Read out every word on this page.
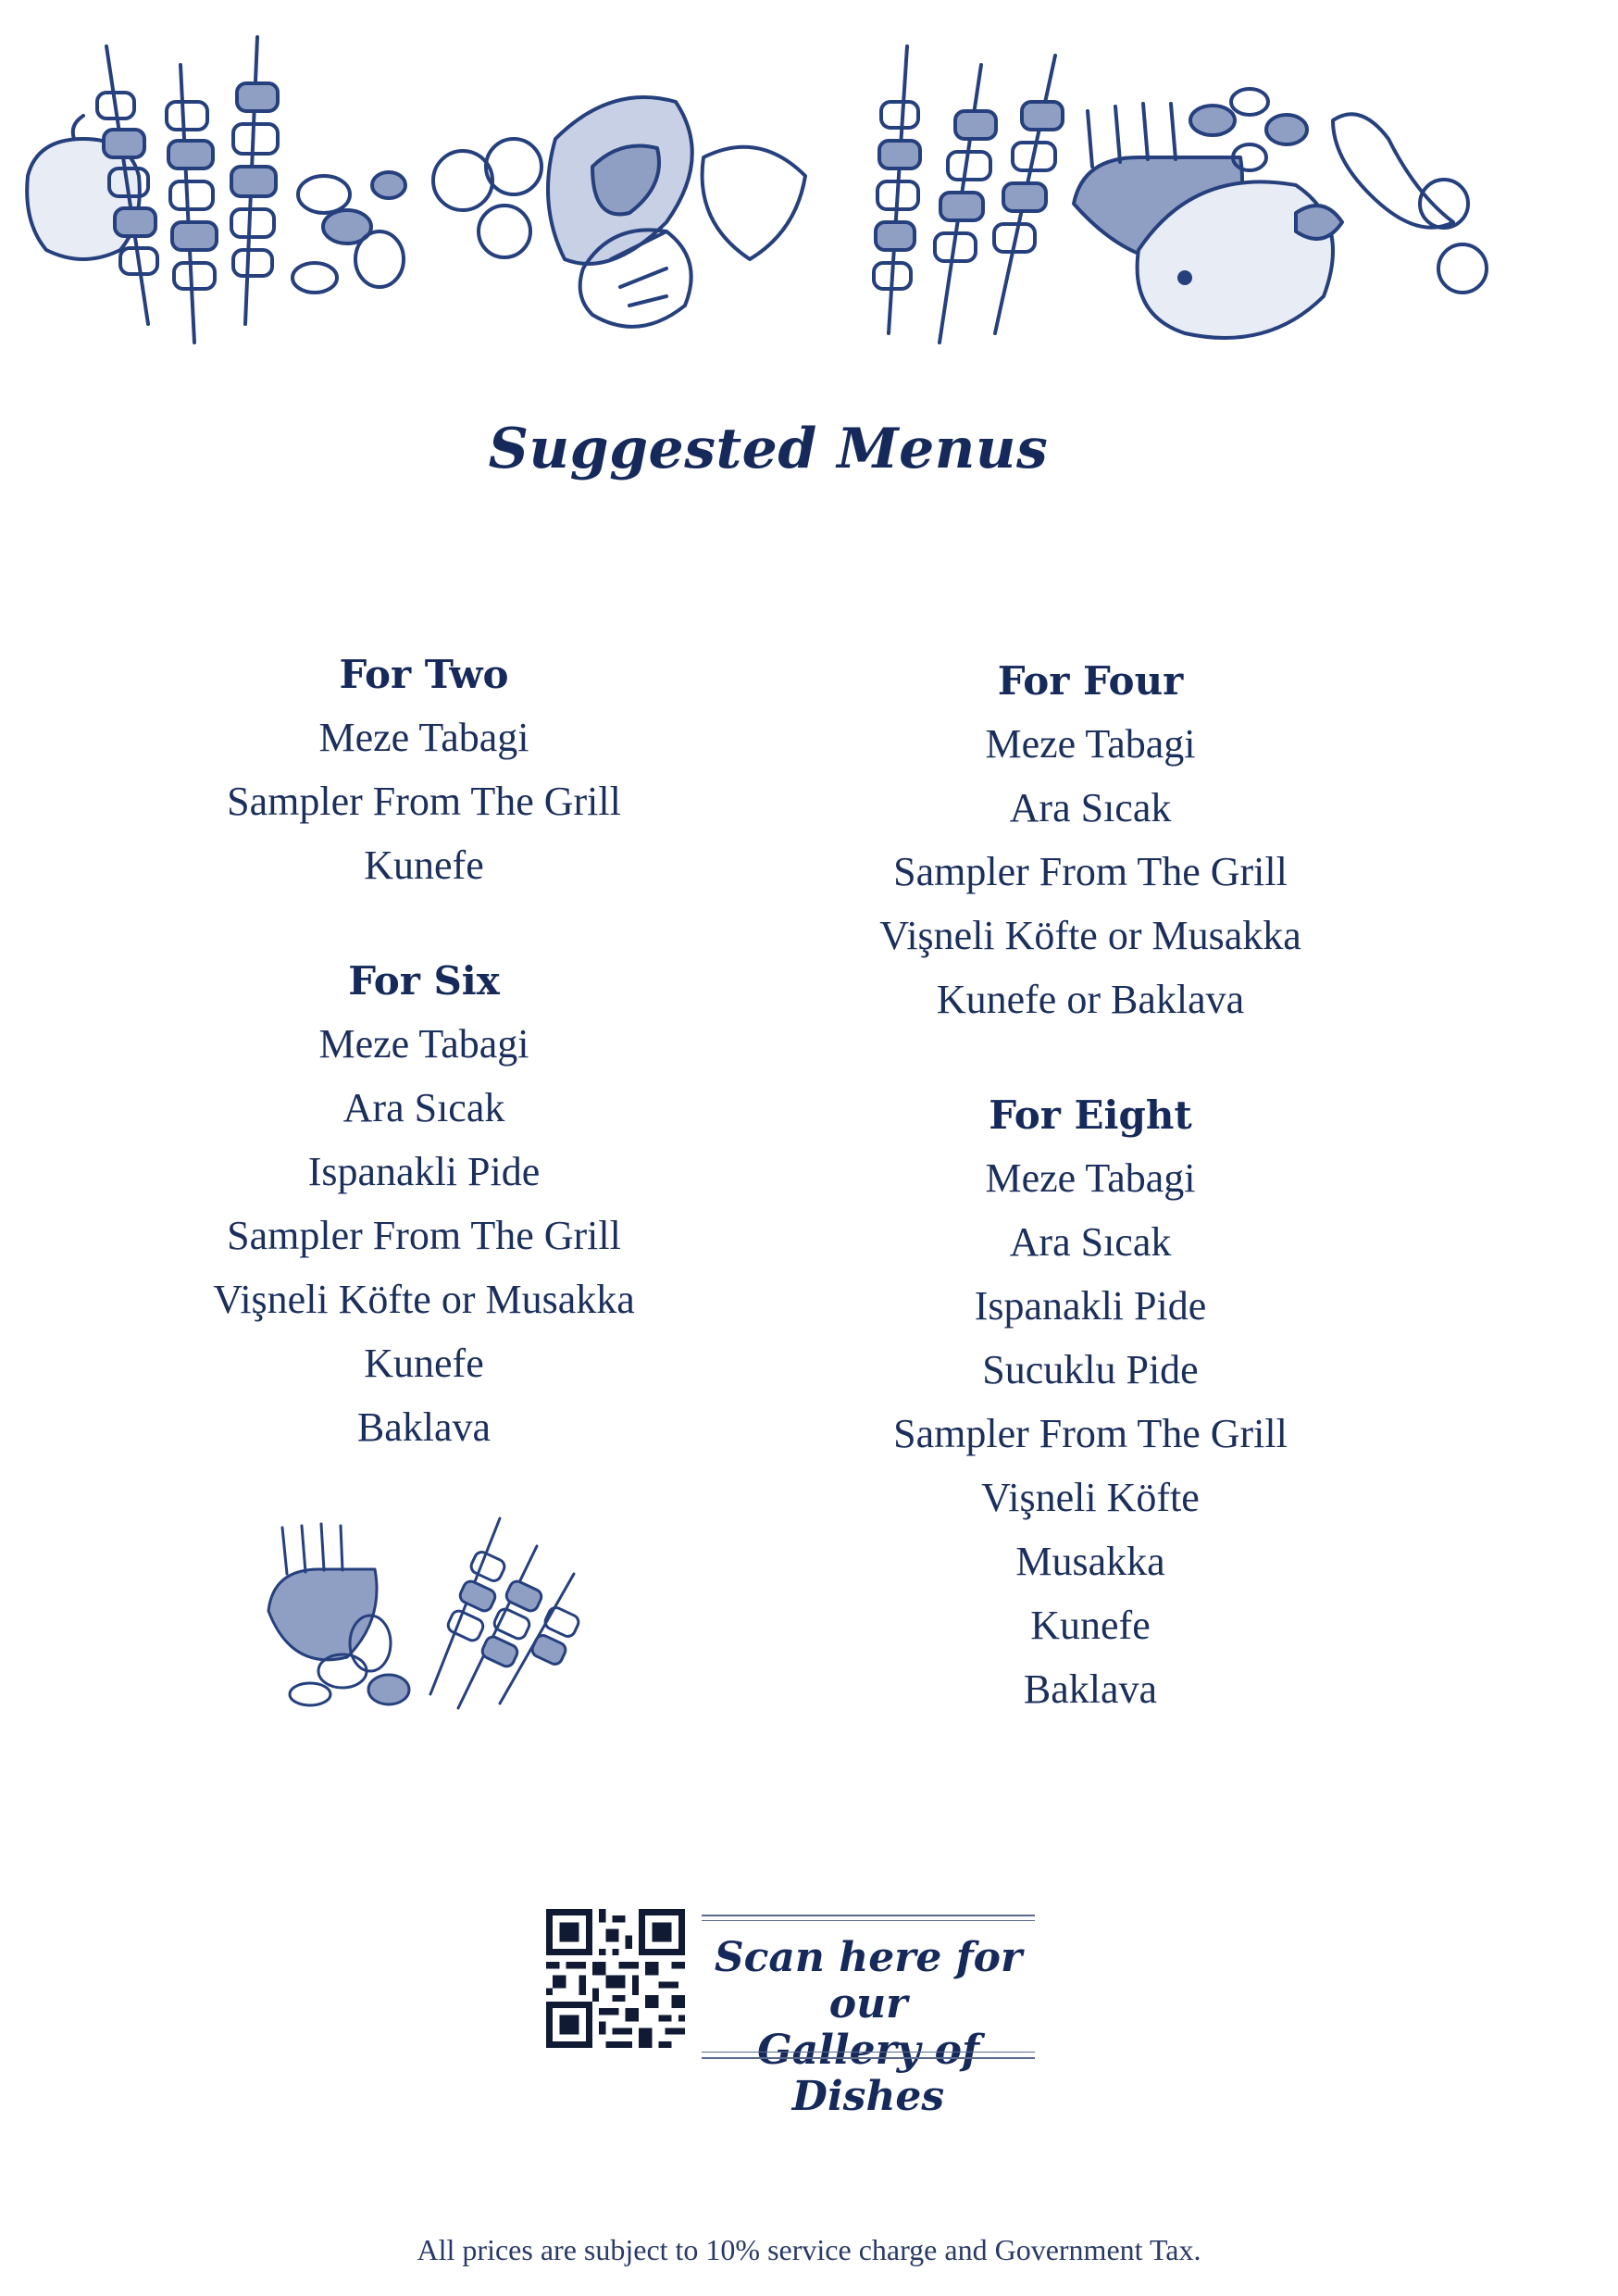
Suggested Menus
For Two
Meze Tabagi
Sampler From The Grill
Kunefe
For Six
Meze Tabagi
Ara Sıcak
Ispanakli Pide
Sampler From The Grill
Vişneli Köfte or Musakka
Kunefe
Baklava
For Four
Meze Tabagi
Ara Sıcak
Sampler From The Grill
Vişneli Köfte or Musakka
Kunefe or Baklava
For Eight
Meze Tabagi
Ara Sıcak
Ispanakli Pide
Sucuklu Pide
Sampler From The Grill
Vişneli Köfte
Musakka
Kunefe
Baklava
Scan here for our
Gallery of Dishes
All prices are subject to 10% service charge and Government Tax.
